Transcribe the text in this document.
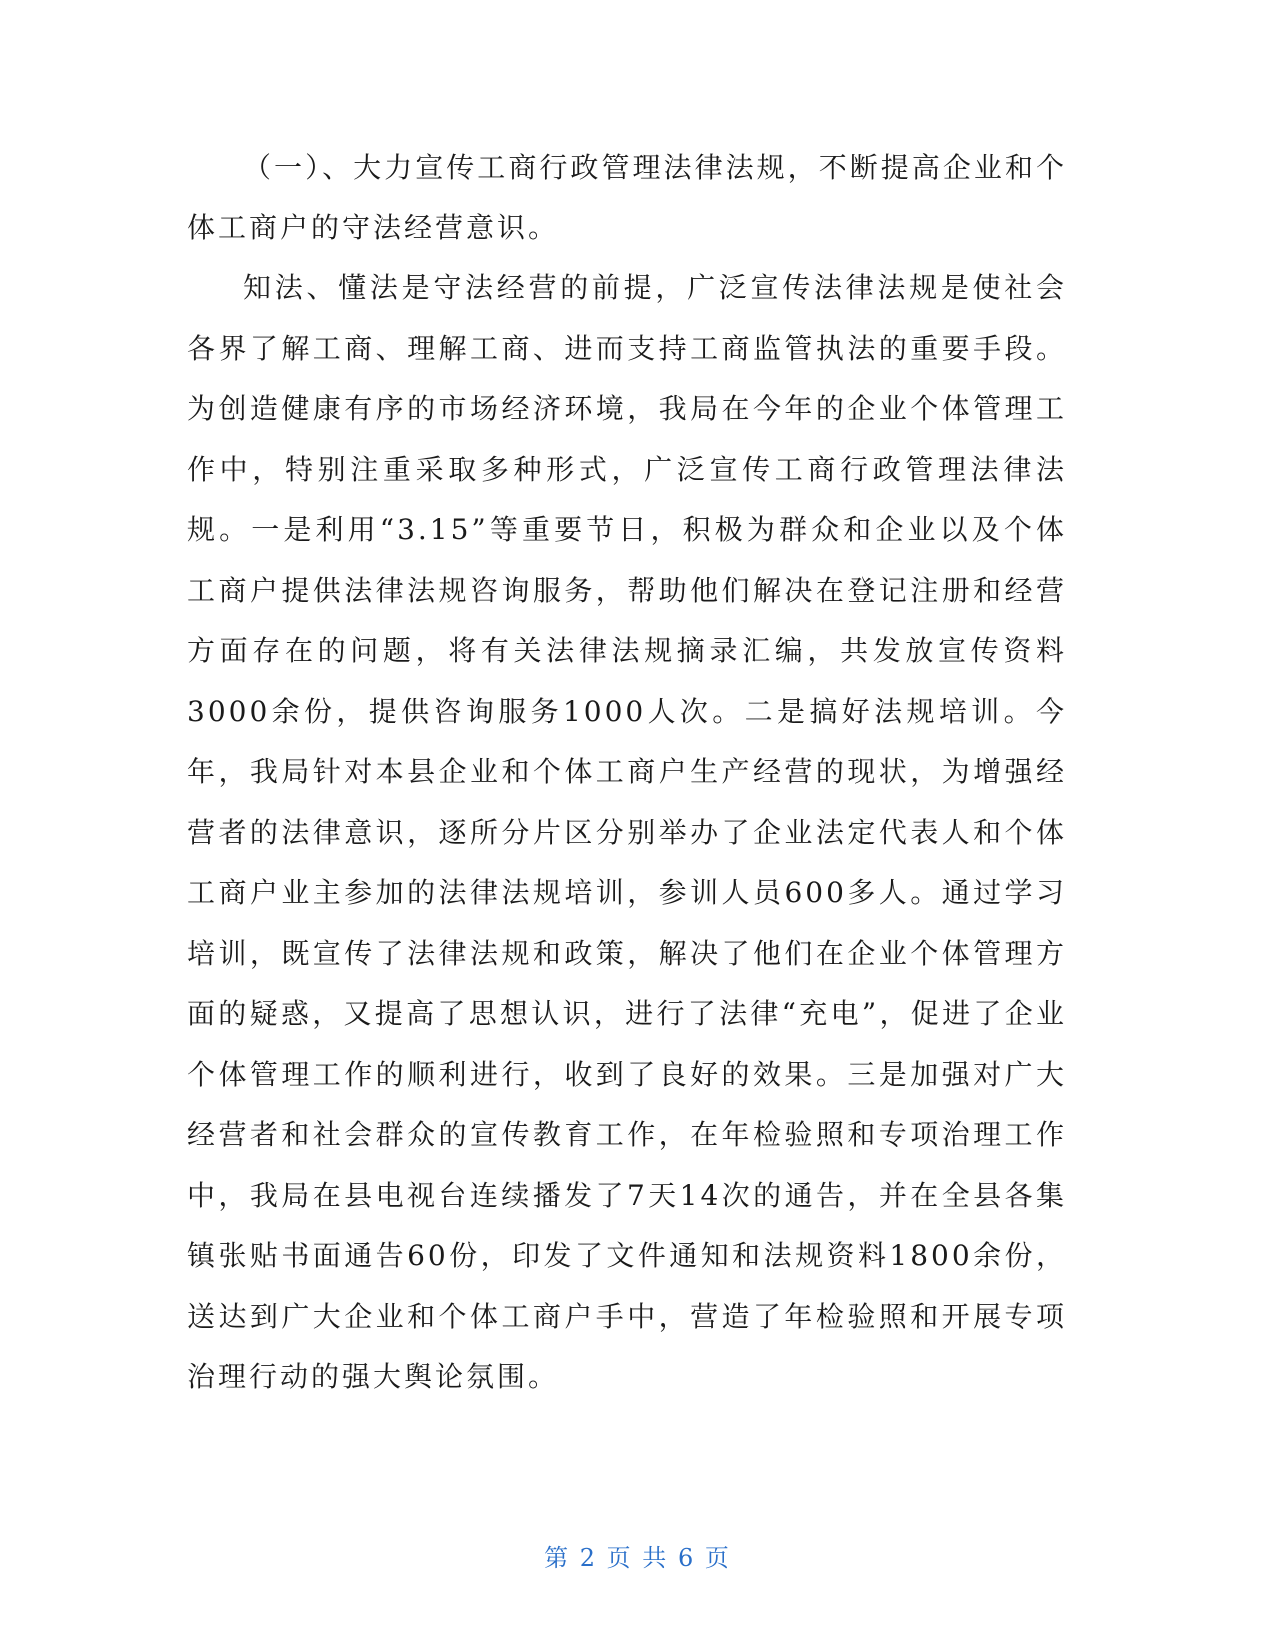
（一）、大力宣传工商行政管理法律法规，不断提高企业和个体工商户的守法经营意识。

知法、懂法是守法经营的前提，广泛宣传法律法规是使社会各界了解工商、理解工商、进而支持工商监管执法的重要手段。为创造健康有序的市场经济环境，我局在今年的企业个体管理工作中，特别注重采取多种形式，广泛宣传工商行政管理法律法规。一是利用“3.15”等重要节日，积极为群众和企业以及个体工商户提供法律法规咨询服务，帮助他们解决在登记注册和经营方面存在的问题，将有关法律法规摘录汇编，共发放宣传资料3000余份，提供咨询服务1000人次。二是搞好法规培训。今年，我局针对本县企业和个体工商户生产经营的现状，为增强经营者的法律意识，逐所分片区分别举办了企业法定代表人和个体工商户业主参加的法律法规培训，参训人员600多人。通过学习培训，既宣传了法律法规和政策，解决了他们在企业个体管理方面的疑惑，又提高了思想认识，进行了法律“充电”，促进了企业个体管理工作的顺利进行，收到了良好的效果。三是加强对广大经营者和社会群众的宣传教育工作，在年检验照和专项治理工作中，我局在县电视台连续播发了7天14次的通告，并在全县各集镇张贴书面通告60份，印发了文件通知和法规资料1800余份，送达到广大企业和个体工商户手中，营造了年检验照和开展专项治理行动的强大舆论氛围。

第 2 页 共 6 页
